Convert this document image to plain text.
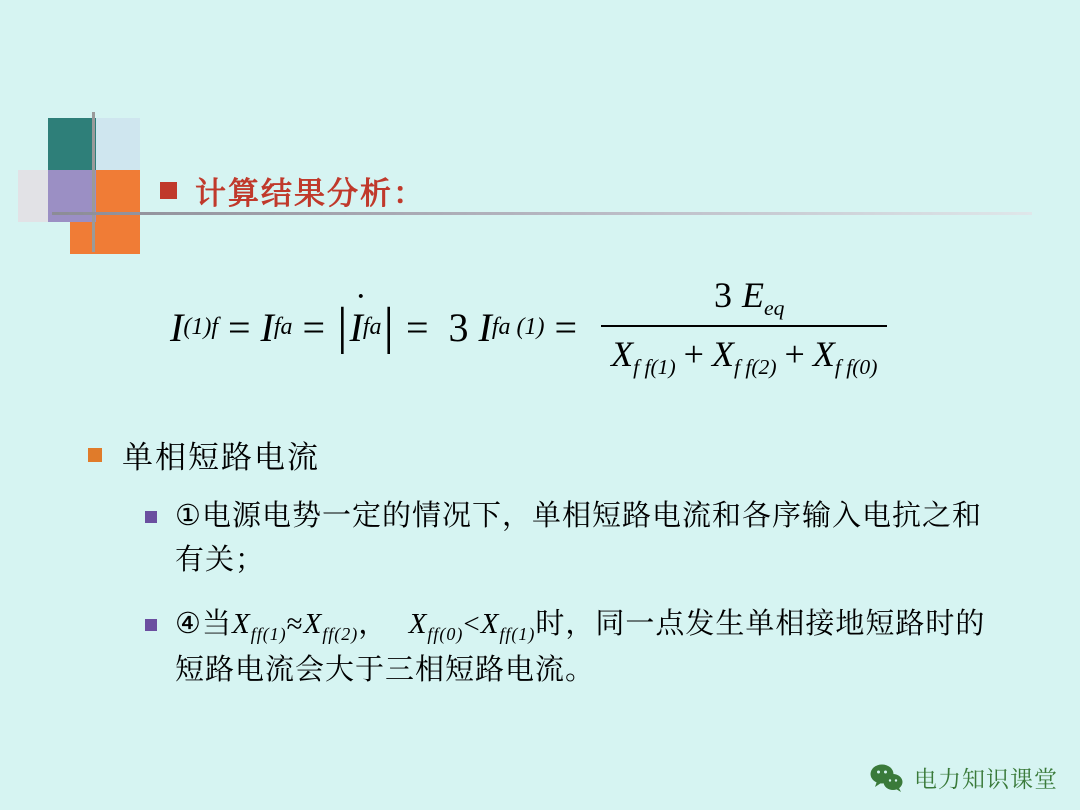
计算结果分析：
I (1) f = I fa = | I · fa | = 3 I fa $(1) = \frac{3 E_{eq}}{X_{f f(1)} + X_{f f(2)} + X_{f f(0)}}$
单相短路电流
①电源电势一定的情况下，单相短路电流和各序输入电抗之和有关；
④当$X_{ff(1)}\approx X_{ff(2)}$， $X_{ff(0)}<X_{ff(1)}$时，同一点发生单相接地短路时的短路电流会大于三相短路电流。
电力知识课堂
